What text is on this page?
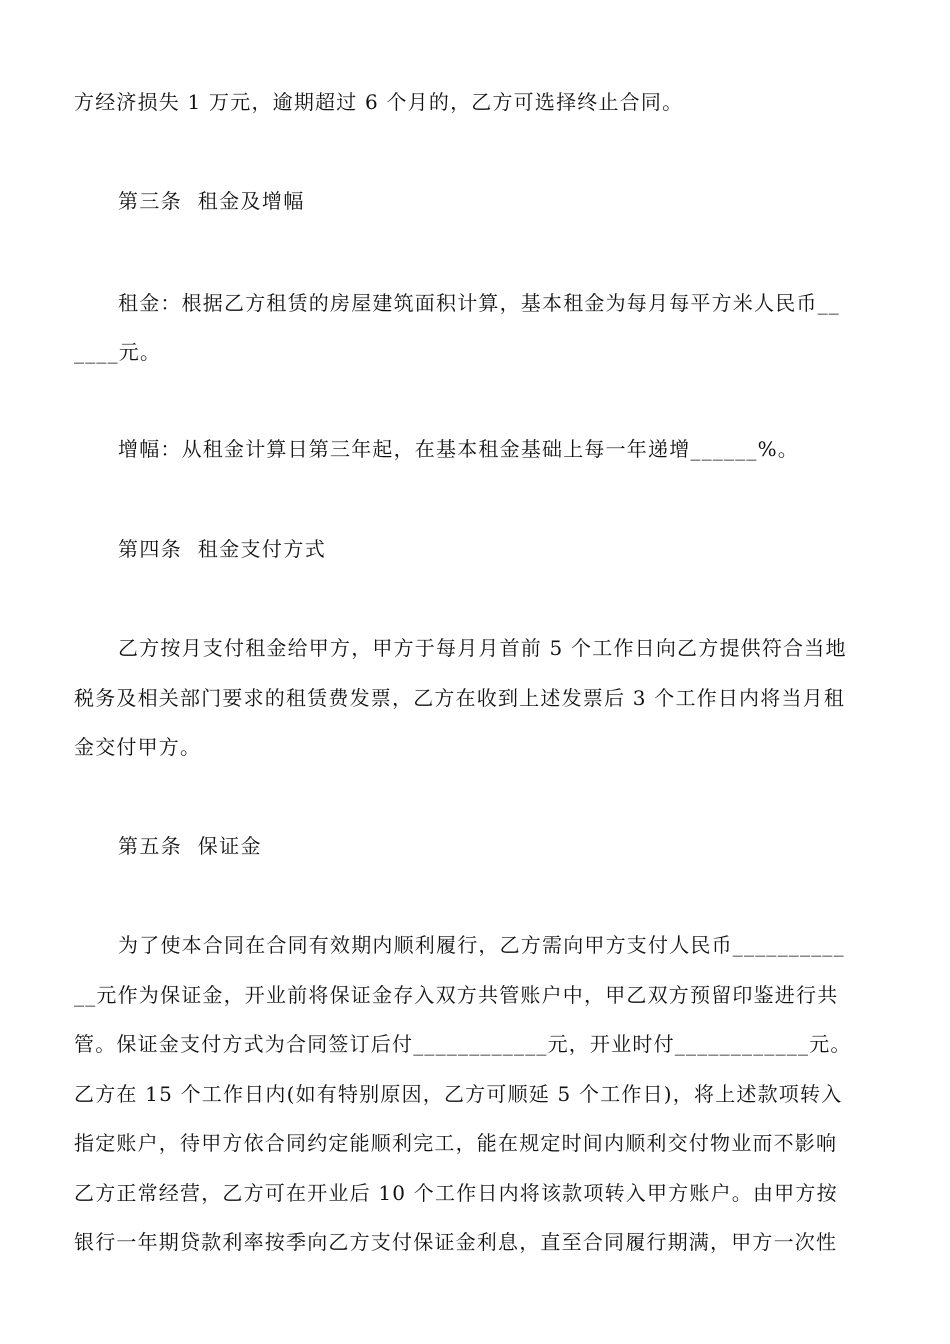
方经济损失 1 万元，逾期超过 6 个月的，乙方可选择终止合同。
第三条  租金及增幅
租金：根据乙方租赁的房屋建筑面积计算，基本租金为每月每平方米人民币__
____元。
增幅：从租金计算日第三年起，在基本租金基础上每一年递增______%。
第四条  租金支付方式
乙方按月支付租金给甲方，甲方于每月月首前 5 个工作日向乙方提供符合当地
税务及相关部门要求的租赁费发票，乙方在收到上述发票后 3 个工作日内将当月租
金交付甲方。
第五条  保证金
为了使本合同在合同有效期内顺利履行，乙方需向甲方支付人民币__________
__元作为保证金，开业前将保证金存入双方共管账户中，甲乙双方预留印鉴进行共
管。保证金支付方式为合同签订后付____________元，开业时付____________元。
乙方在 15 个工作日内(如有特别原因，乙方可顺延 5 个工作日)，将上述款项转入
指定账户，待甲方依合同约定能顺利完工，能在规定时间内顺利交付物业而不影响
乙方正常经营，乙方可在开业后 10 个工作日内将该款项转入甲方账户。由甲方按
银行一年期贷款利率按季向乙方支付保证金利息，直至合同履行期满，甲方一次性
